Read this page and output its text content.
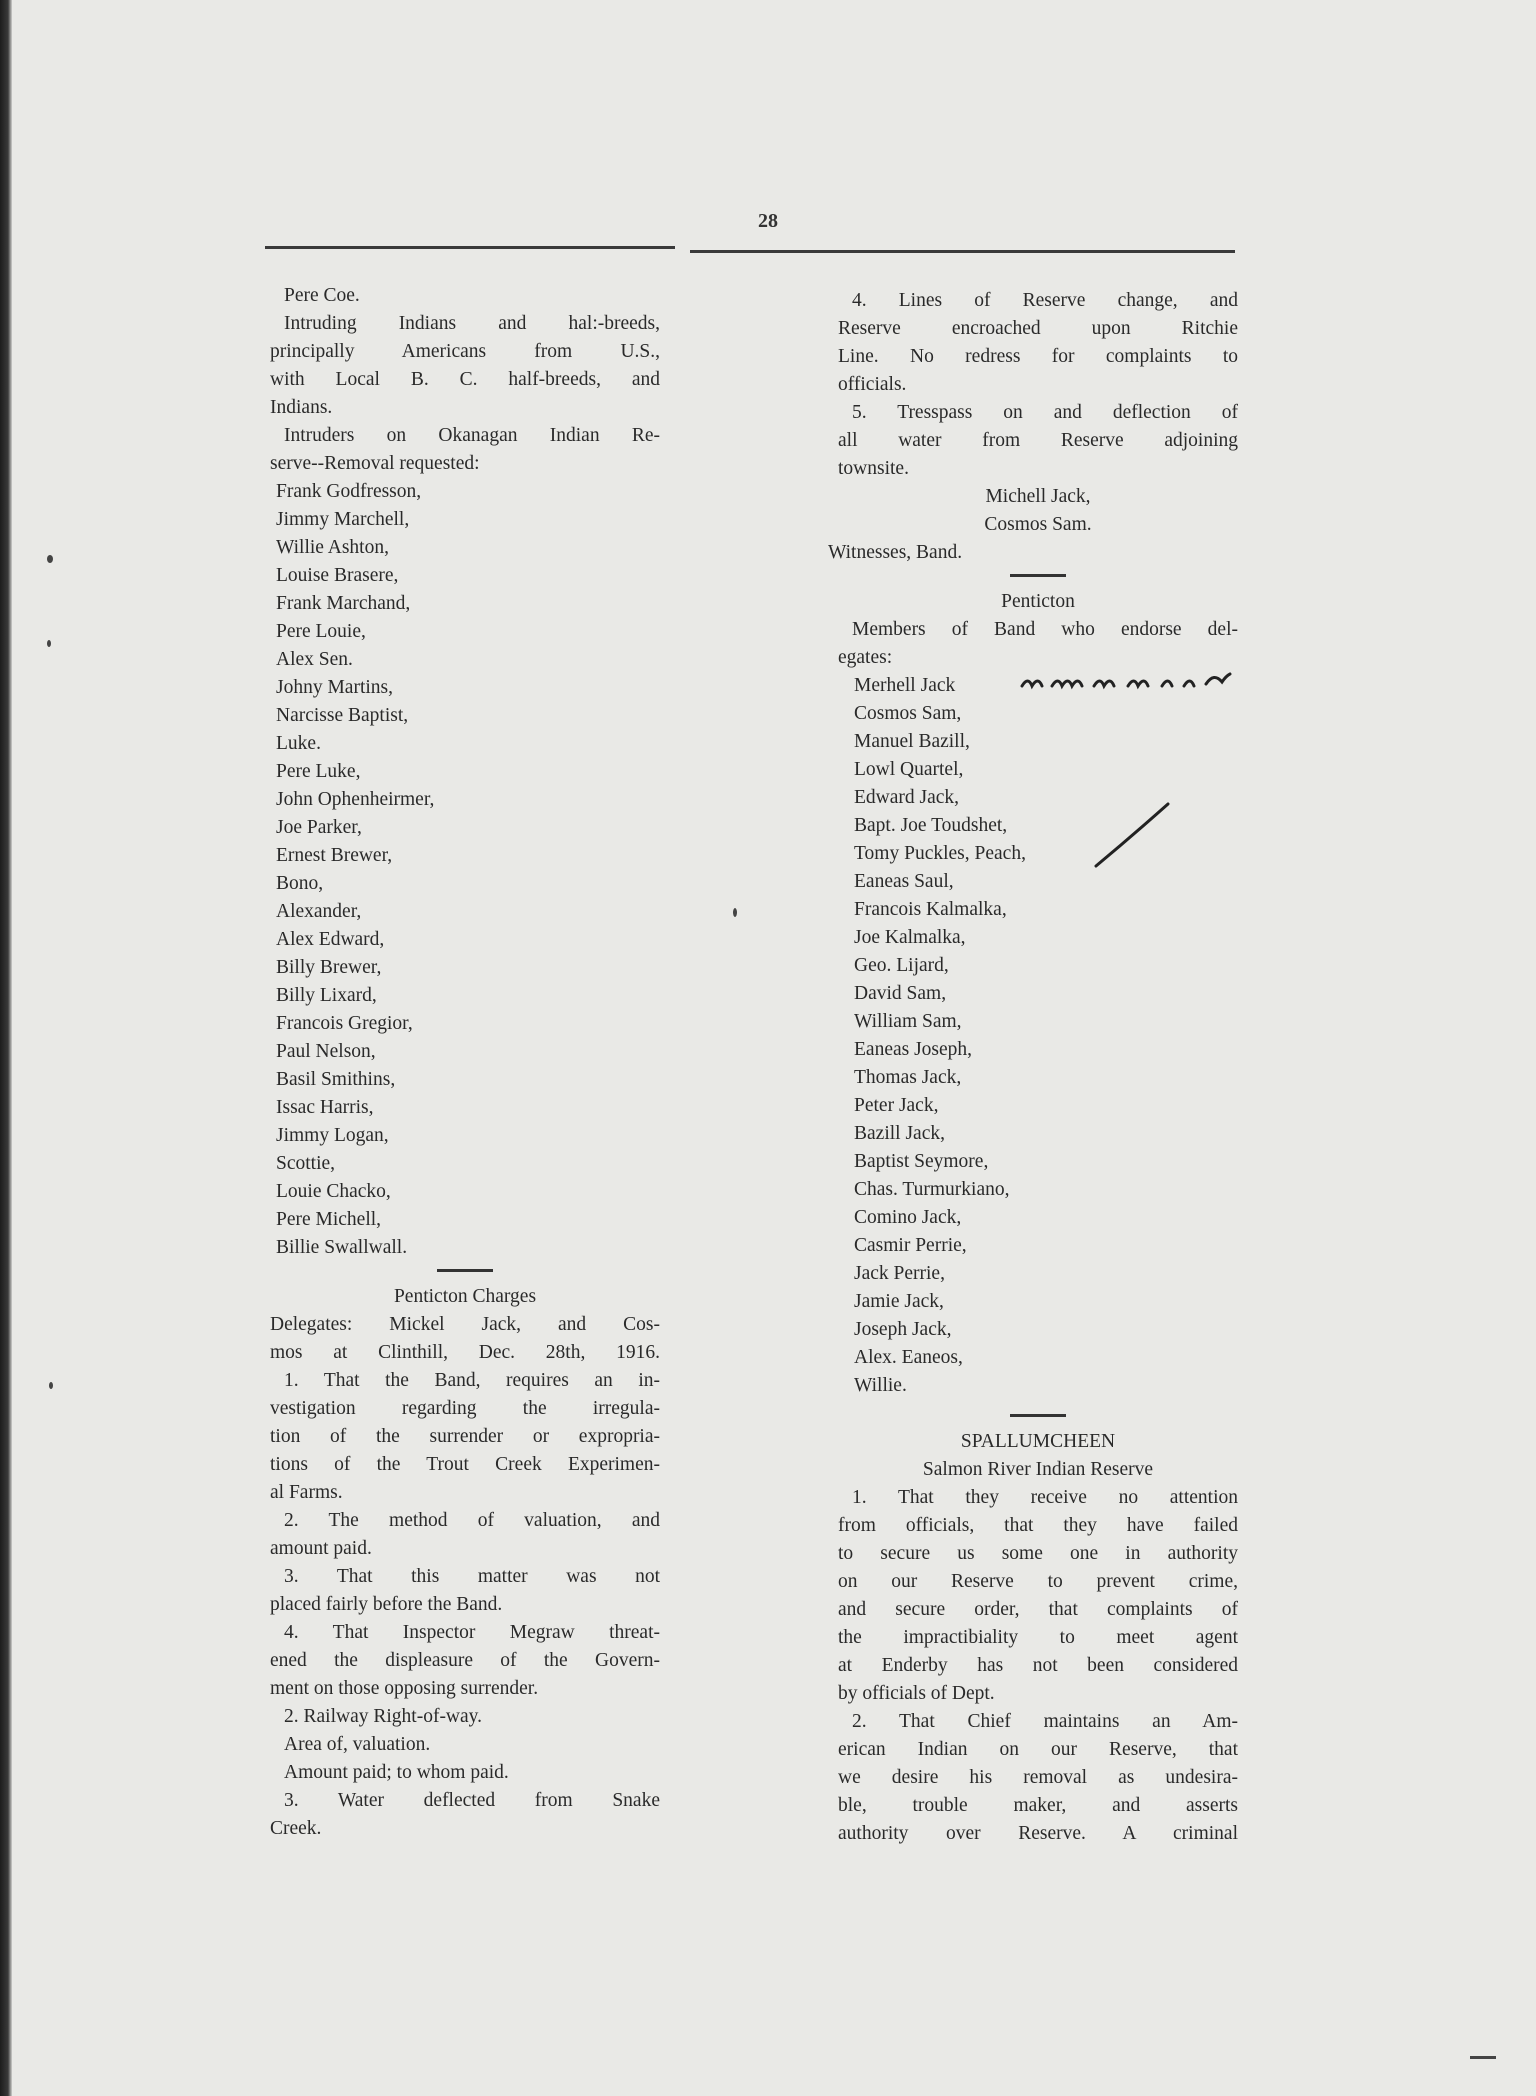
28
Pere Coe.
Intruding Indians and hal:-breeds,
principally Americans from U.S.,
with Local B. C. half-breeds, and
Indians.
Intruders on Okanagan Indian Re-
serve--Removal requested:
Frank Godfresson,
Jimmy Marchell,
Willie Ashton,
Louise Brasere,
Frank Marchand,
Pere Louie,
Alex Sen.
Johny Martins,
Narcisse Baptist,
Luke.
Pere Luke,
John Ophenheirmer,
Joe Parker,
Ernest Brewer,
Bono,
Alexander,
Alex Edward,
Billy Brewer,
Billy Lixard,
Francois Gregior,
Paul Nelson,
Basil Smithins,
Issac Harris,
Jimmy Logan,
Scottie,
Louie Chacko,
Pere Michell,
Billie Swallwall.
Penticton Charges
Delegates: Mickel Jack, and Cos-
mos at Clinthill, Dec. 28th, 1916.
1. That the Band, requires an in-
vestigation regarding the irregula-
tion of the surrender or expropria-
tions of the Trout Creek Experimen-
al Farms.
2. The method of valuation, and
amount paid.
3. That this matter was not
placed fairly before the Band.
4. That Inspector Megraw threat-
ened the displeasure of the Govern-
ment on those opposing surrender.
2. Railway Right-of-way.
Area of, valuation.
Amount paid; to whom paid.
3. Water deflected from Snake
Creek.
4. Lines of Reserve change, and
Reserve encroached upon Ritchie
Line. No redress for complaints to
officials.
5. Tresspass on and deflection of
all water from Reserve adjoining
townsite.
Michell Jack,
Cosmos Sam.
Witnesses, Band.
Penticton
Members of Band who endorse del-
egates:
Merhell Jack
Cosmos Sam,
Manuel Bazill,
Lowl Quartel,
Edward Jack,
Bapt. Joe Toudshet,
Tomy Puckles, Peach,
Eaneas Saul,
Francois Kalmalka,
Joe Kalmalka,
Geo. Lijard,
David Sam,
William Sam,
Eaneas Joseph,
Thomas Jack,
Peter Jack,
Bazill Jack,
Baptist Seymore,
Chas. Turmurkiano,
Comino Jack,
Casmir Perrie,
Jack Perrie,
Jamie Jack,
Joseph Jack,
Alex. Eaneos,
Willie.
SPALLUMCHEEN
Salmon River Indian Reserve
1. That they receive no attention
from officials, that they have failed
to secure us some one in authority
on our Reserve to prevent crime,
and secure order, that complaints of
the impractibiality to meet agent
at Enderby has not been considered
by officials of Dept.
2. That Chief maintains an Am-
erican Indian on our Reserve, that
we desire his removal as undesira-
ble, trouble maker, and asserts
authority over Reserve. A criminal
